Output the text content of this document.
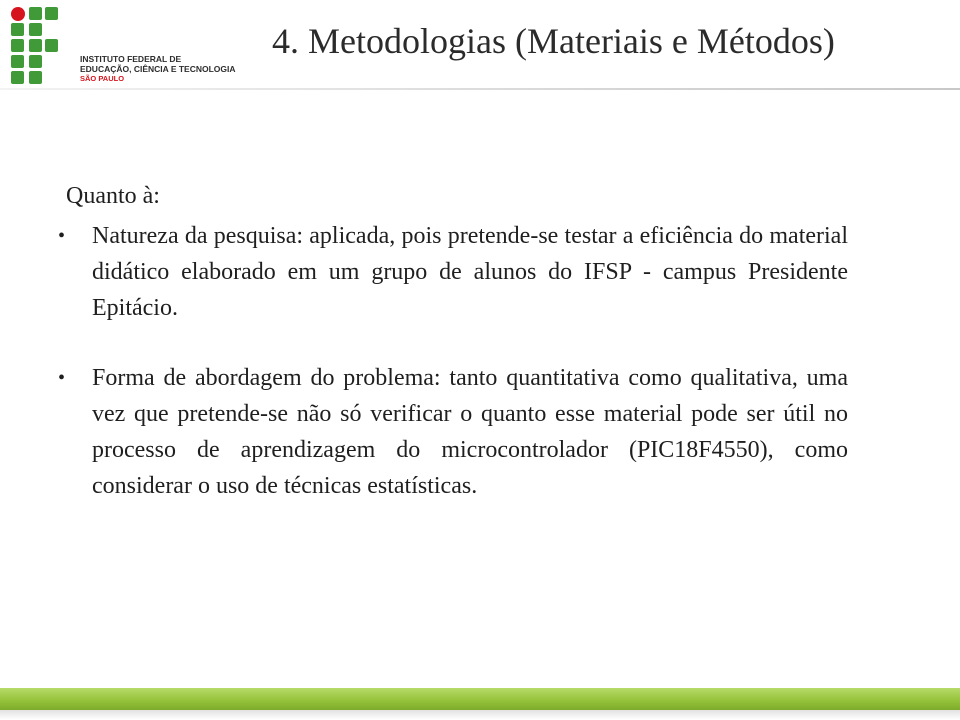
INSTITUTO FEDERAL DE
EDUCAÇÃO, CIÊNCIA E TECNOLOGIA
SÃO PAULO
4. Metodologias (Materiais e Métodos)

Quanto à:

• Natureza da pesquisa: aplicada, pois pretende-se testar a eficiência do material didático elaborado em um grupo de alunos do IFSP - campus Presidente Epitácio.
• Forma de abordagem do problema: tanto quantitativa como qualitativa, uma vez que pretende-se não só verificar o quanto esse material pode ser útil no processo de aprendizagem do microcontrolador (PIC18F4550), como considerar o uso de técnicas estatísticas.
